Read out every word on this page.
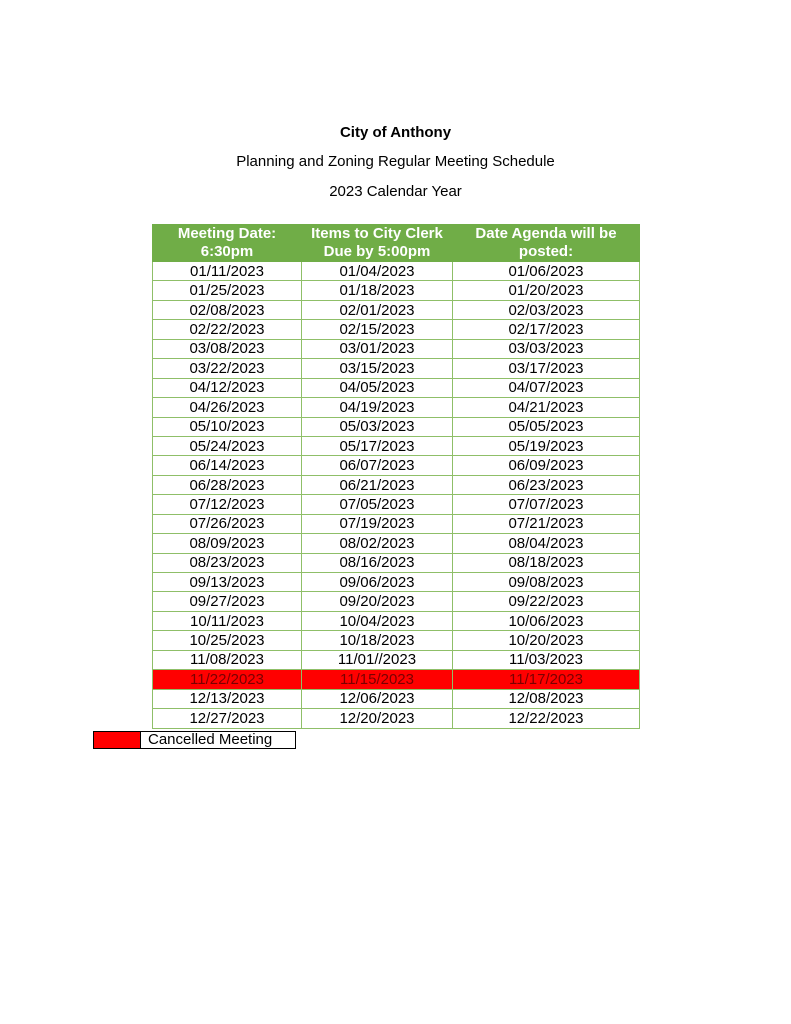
City of Anthony
Planning and Zoning Regular Meeting Schedule
2023 Calendar Year
Meeting Date: 6:30pm	Items to City Clerk Due by 5:00pm	Date Agenda will be posted:
01/11/2023	01/04/2023	01/06/2023
01/25/2023	01/18/2023	01/20/2023
02/08/2023	02/01/2023	02/03/2023
02/22/2023	02/15/2023	02/17/2023
03/08/2023	03/01/2023	03/03/2023
03/22/2023	03/15/2023	03/17/2023
04/12/2023	04/05/2023	04/07/2023
04/26/2023	04/19/2023	04/21/2023
05/10/2023	05/03/2023	05/05/2023
05/24/2023	05/17/2023	05/19/2023
06/14/2023	06/07/2023	06/09/2023
06/28/2023	06/21/2023	06/23/2023
07/12/2023	07/05/2023	07/07/2023
07/26/2023	07/19/2023	07/21/2023
08/09/2023	08/02/2023	08/04/2023
08/23/2023	08/16/2023	08/18/2023
09/13/2023	09/06/2023	09/08/2023
09/27/2023	09/20/2023	09/22/2023
10/11/2023	10/04/2023	10/06/2023
10/25/2023	10/18/2023	10/20/2023
11/08/2023	11/01//2023	11/03/2023
11/22/2023	11/15/2023	11/17/2023
12/13/2023	12/06/2023	12/08/2023
12/27/2023	12/20/2023	12/22/2023
Cancelled Meeting
